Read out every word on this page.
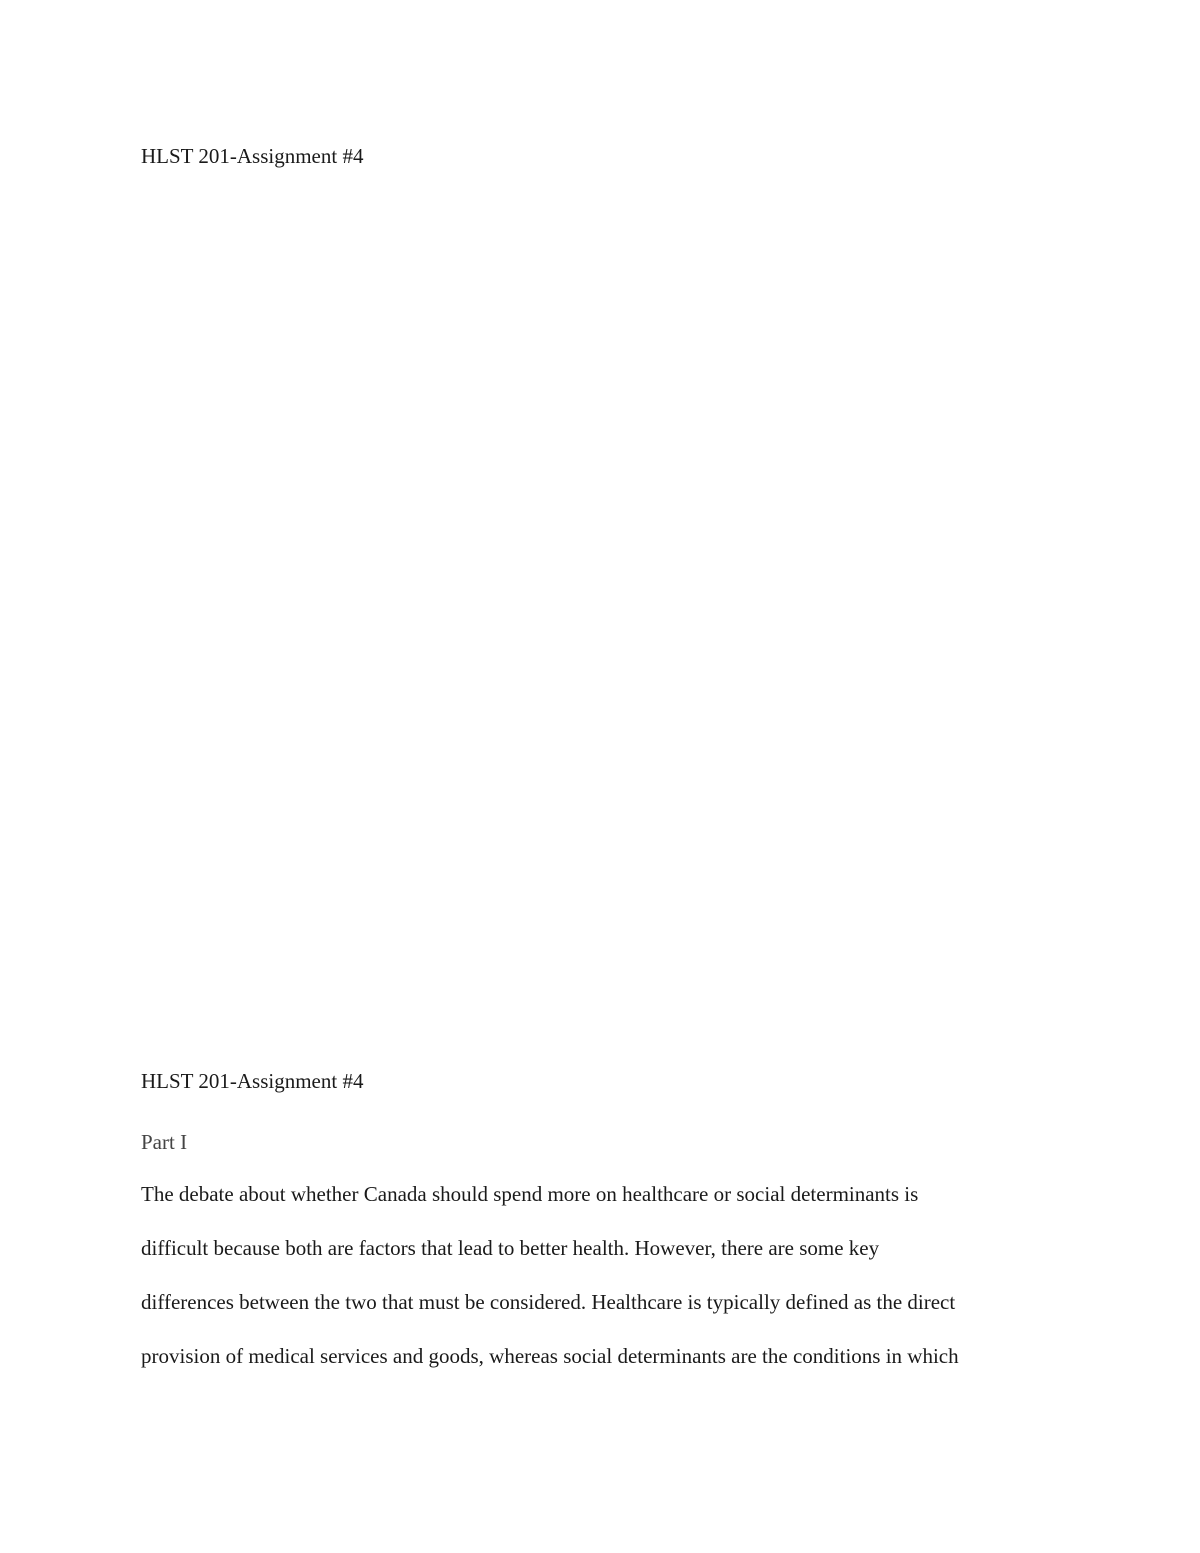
HLST 201-Assignment #4
HLST 201-Assignment #4
Part I
The debate about whether Canada should spend more on healthcare or social determinants is
difficult because both are factors that lead to better health. However, there are some key
differences between the two that must be considered. Healthcare is typically defined as the direct
provision of medical services and goods, whereas social determinants are the conditions in which
